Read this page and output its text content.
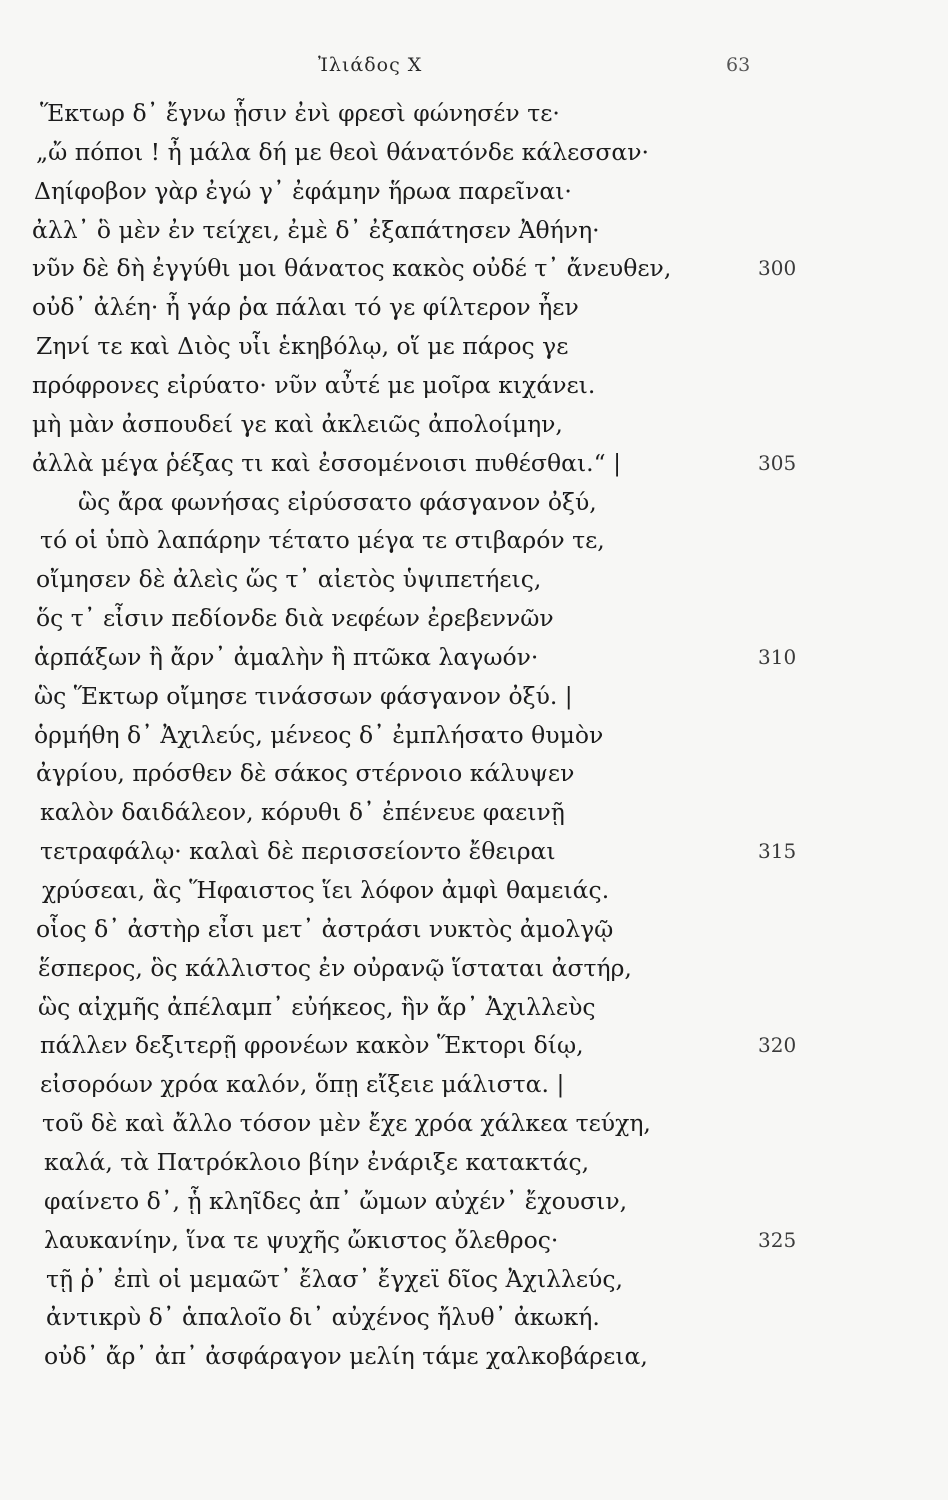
Ἰλιάδος X	63
Ἕκτωρ δ᾽ ἔγνω ᾗσιν ἐνὶ φρεσὶ φώνησέν τε·
„ὤ πόποι ! ἦ μάλα δή με θεοὶ θάνατόνδε κάλεσσαν·
Δηίφοβον γὰρ ἐγώ γ᾽ ἐφάμην ἥρωα παρεῖναι·
ἀλλ᾽ ὃ μὲν ἐν τείχει, ἐμὲ δ᾽ ἐξαπάτησεν Ἀθήνη·
νῦν δὲ δὴ ἐγγύθι μοι θάνατος κακὸς οὐδέ τ᾽ ἄνευθεν,	300
οὐδ᾽ ἀλέη· ἦ γάρ ῥα πάλαι τό γε φίλτερον ἦεν
Ζηνί τε καὶ Διὸς υἷι ἑκηβόλῳ, οἵ με πάρος γε
πρόφρονες εἰρύατο· νῦν αὖτέ με μοῖρα κιχάνει.
μὴ μὰν ἀσπουδεί γε καὶ ἀκλειῶς ἀπολοίμην,
ἀλλὰ μέγα ῥέξας τι καὶ ἐσσομένοισι πυθέσθαι.“ |	305
ὣς ἄρα φωνήσας εἰρύσσατο φάσγανον ὀξύ,
τό οἱ ὑπὸ λαπάρην τέτατο μέγα τε στιβαρόν τε,
οἴμησεν δὲ ἀλεὶς ὥς τ᾽ αἰετὸς ὑψιπετήεις,
ὅς τ᾽ εἶσιν πεδίονδε διὰ νεφέων ἐρεβεννῶν
ἁρπάξων ἢ ἄρν᾽ ἀμαλὴν ἢ πτῶκα λαγωόν·	310
ὣς Ἕκτωρ οἴμησε τινάσσων φάσγανον ὀξύ. |
ὁρμήθη δ᾽ Ἀχιλεύς, μένεος δ᾽ ἐμπλήσατο θυμὸν
ἀγρίου, πρόσθεν δὲ σάκος στέρνοιο κάλυψεν
καλὸν δαιδάλεον, κόρυθι δ᾽ ἐπένευε φαεινῇ
τετραφάλῳ· καλαὶ δὲ περισσείοντο ἔθειραι	315
χρύσεαι, ἃς Ἥφαιστος ἵει λόφον ἀμφὶ θαμειάς.
οἷος δ᾽ ἀστὴρ εἶσι μετ᾽ ἀστράσι νυκτὸς ἀμολγῷ
ἕσπερος, ὃς κάλλιστος ἐν οὐρανῷ ἵσταται ἀστήρ,
ὣς αἰχμῆς ἀπέλαμπ᾽ εὐήκεος, ἣν ἄρ᾽ Ἀχιλλεὺς
πάλλεν δεξιτερῇ φρονέων κακὸν Ἕκτορι δίῳ,	320
εἰσορόων χρόα καλόν, ὅπῃ εἴξειε μάλιστα. |
τοῦ δὲ καὶ ἄλλο τόσον μὲν ἔχε χρόα χάλκεα τεύχη,
καλά, τὰ Πατρόκλοιο βίην ἐνάριξε κατακτάς,
φαίνετο δ᾽, ᾗ κληῖδες ἀπ᾽ ὤμων αὐχέν᾽ ἔχουσιν,
λαυκανίην, ἵνα τε ψυχῆς ὤκιστος ὄλεθρος·	325
τῇ ῥ᾽ ἐπὶ οἱ μεμαῶτ᾽ ἔλασ᾽ ἔγχεϊ δῖος Ἀχιλλεύς,
ἀντικρὺ δ᾽ ἁπαλοῖο δι᾽ αὐχένος ἤλυθ᾽ ἀκωκή.
οὐδ᾽ ἄρ᾽ ἀπ᾽ ἀσφάραγον μελίη τάμε χαλκοβάρεια,
